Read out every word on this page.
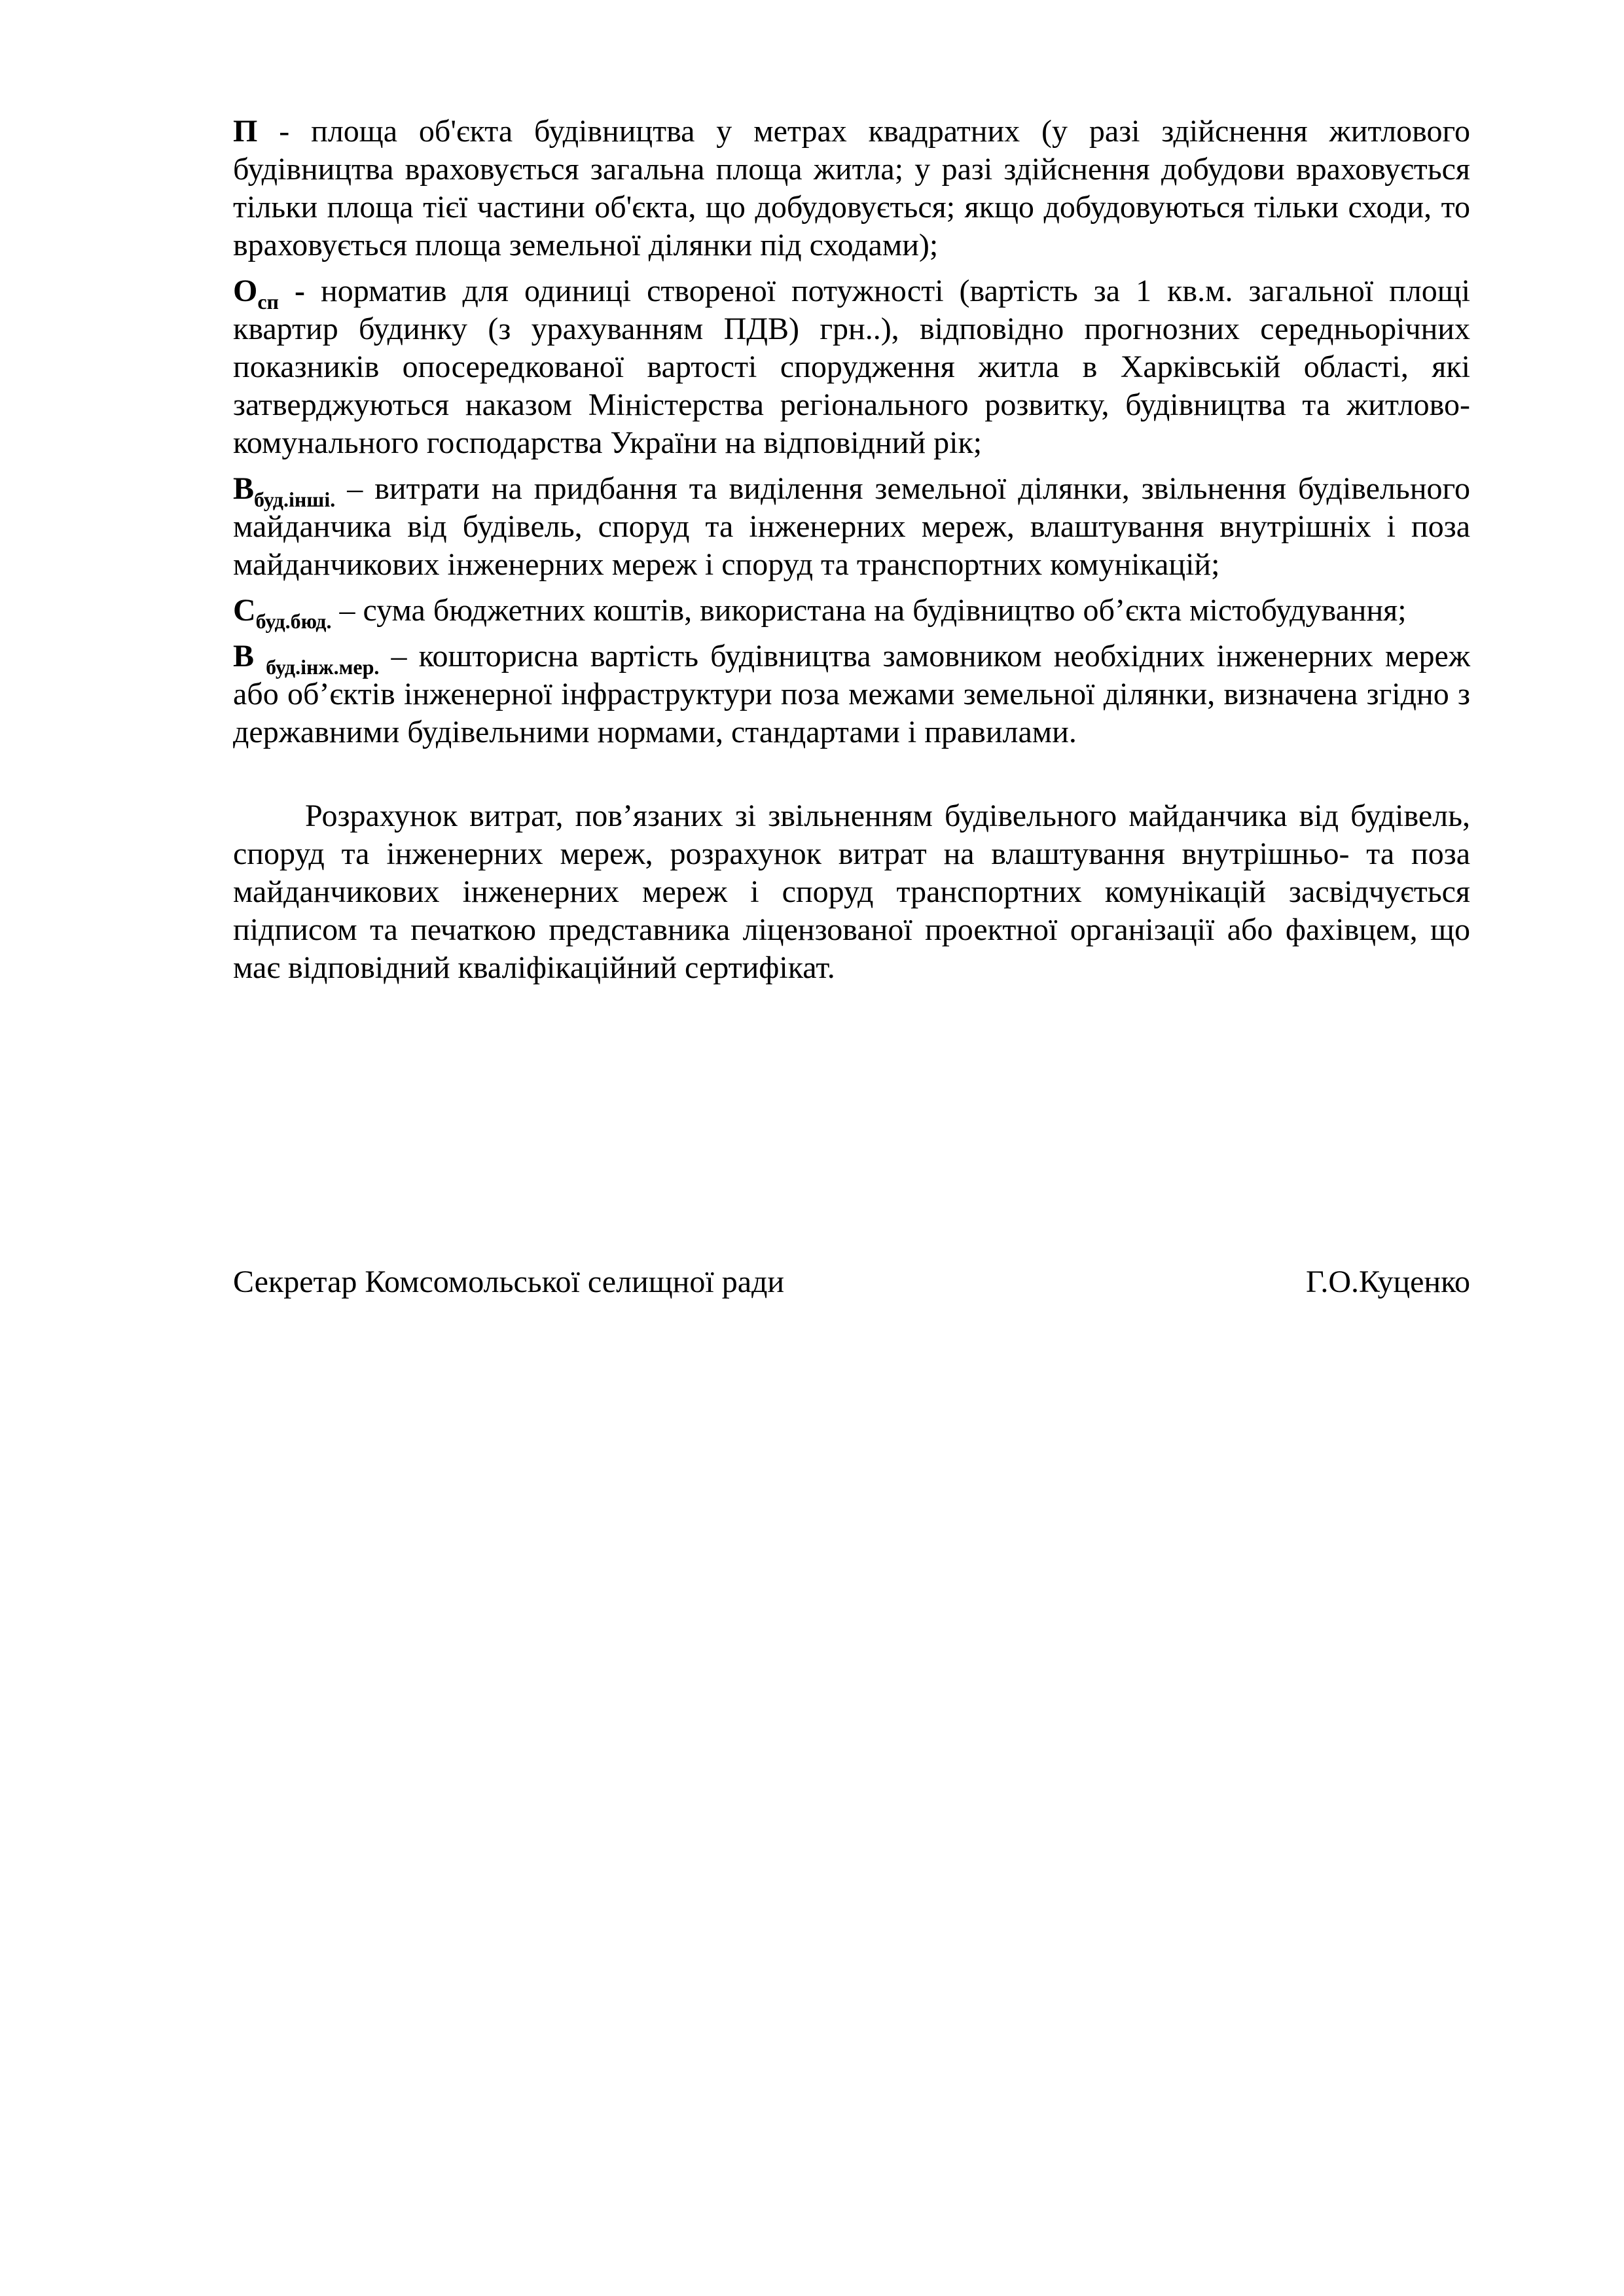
П - площа об'єкта будівництва у метрах квадратних (у разі здійснення житлового будівництва враховується загальна площа житла; у разі здійснення добудови враховується тільки площа тієї частини об'єкта, що добудовується; якщо добудовуються тільки сходи, то враховується площа земельної ділянки під сходами);

$О_{сп}$ - норматив для одиниці створеної потужності (вартість за 1 кв.м. загальної площі квартир будинку (з урахуванням ПДВ) грн..), відповідно прогнозних середньорічних показників опосередкованої вартості спорудження житла в Харківській області, які затверджуються наказом Міністерства регіонального розвитку, будівництва та житлово-комунального господарства України на відповідний рік;

$В_{буд.інші.}$ – витрати на придбання та виділення земельної ділянки, звільнення будівельного майданчика від будівель, споруд та інженерних мереж, влаштування внутрішніх і поза майданчикових інженерних мереж і споруд та транспортних комунікацій;

$С_{буд.бюд.}$ – сума бюджетних коштів, використана на будівництво об’єкта містобудування;

В $_{буд.інж.мер.}$ – кошторисна вартість будівництва замовником необхідних інженерних мереж або об’єктів інженерної інфраструктури поза межами земельної ділянки, визначена згідно з державними будівельними нормами, стандартами і правилами.

Розрахунок витрат, пов’язаних зі звільненням будівельного майданчика від будівель, споруд та інженерних мереж, розрахунок витрат на влаштування внутрішньо- та поза майданчикових інженерних мереж і споруд транспортних комунікацій засвідчується підписом та печаткою представника ліцензованої проектної організації або фахівцем, що має відповідний кваліфікаційний сертифікат.

Секретар Комсомольської селищної ради	Г.О.Куценко
